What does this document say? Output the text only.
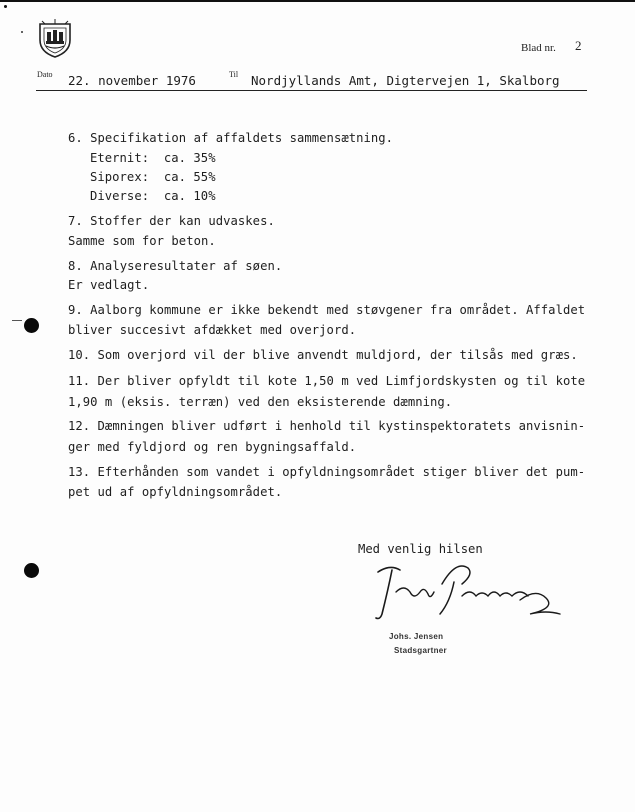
Blad nr. 2
Dato 22. november 1976	Til Nordjyllands Amt, Digtervejen 1, Skalborg
6. Specifikation af affaldets sammensætning.
Eternit:  ca. 35%
Siporex:  ca. 55%
Diverse:  ca. 10%
7. Stoffer der kan udvaskes.
Samme som for beton.
8. Analyseresultater af søen.
Er vedlagt.
9. Aalborg kommune er ikke bekendt med støvgener fra området. Affaldet
bliver succesivt afdækket med overjord.
10. Som overjord vil der blive anvendt muldjord, der tilsås med græs.
11. Der bliver opfyldt til kote 1,50 m ved Limfjordskysten og til kote
1,90 m (eksis. terræn) ved den eksisterende dæmning.
12. Dæmningen bliver udført i henhold til kystinspektoratets anvisnin-
ger med fyldjord og ren bygningsaffald.
13. Efterhånden som vandet i opfyldningsområdet stiger bliver det pum-
pet ud af opfyldningsområdet.
Med venlig hilsen
Johs. Jensen
Stadsgartner
